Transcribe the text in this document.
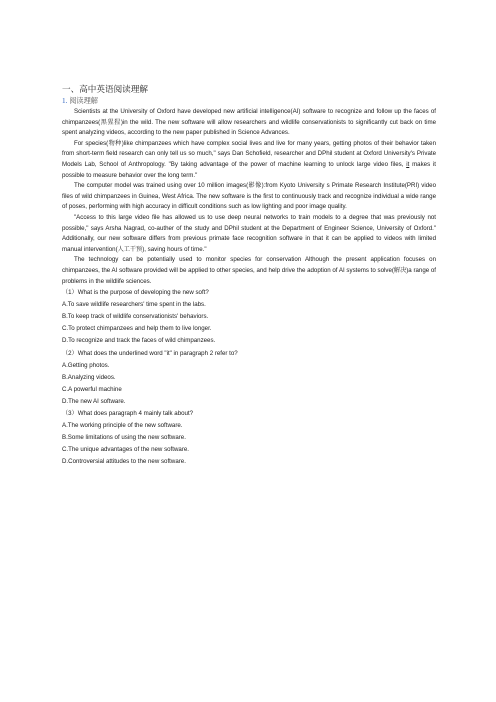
一、高中英语阅读理解
1. 阅读理解

Scientists at the University of Oxford have developed new artificial intelligence(AI) software to recognize and follow up the faces of chimpanzees(黑猩猩)in the wild. The new software will allow researchers and wildlife conservationists to significantly cut back on time spent analyzing videos, according to the new paper published in Science Advances.

For species(物种)like chimpanzees which have complex social lives and live for many years, getting photos of their behavior taken from short-term field research can only tell us so much," says Dan Schofield, researcher and DPhil student at Oxford University's Private Models Lab, School of Anthropology. "By taking advantage of the power of machine learning to unlock large video files, it makes it possible to measure behavior over the long term."

The computer model was trained using over 10 million images(影像):from Kyoto University s Primate Research Institute(PRI) video files of wild chimpanzees in Guinea, West Africa. The new software is the first to continuously track and recognize individual a wide range of poses, performing with high accuracy in difficult conditions such as low lighting and poor image quality.

"Access to this large video file has allowed us to use deep neural networks to train models to a degree that was previously not possible," says Arsha Nagrad, co-auther of the study and DPhil student at the Department of Engineer Science, University of Oxford." Additionally, our new software differs from previous primate face recognition software in that it can be applied to videos with limited manual intervention(人工干预), saving hours of time."

The technology can be potentially used to monitor species for conservation Although the present application focuses on chimpanzees, the AI software provided will be applied to other species, and help drive the adoption of AI systems to solve(解决)a range of problems in the wildlife sciences.

（1）What is the purpose of developing the new soft?

A.To save wildlife researchers' time spent in the labs.

B.To keep track of wildlife conservationists' behaviors.

C.To protect chimpanzees and help them to live longer.

D.To recognize and track the faces of wild chimpanzees.

（2）What does the underlined word "it" in paragraph 2 refer to?

A.Getting photos.

B.Analyzing videos.

C.A powerful machine

D.The new AI software.

（3）What does paragraph 4 mainly talk about?

A.The working principle of the new software.

B.Some limitations of using the new software.

C.The unique advantages of the new software.

D.Controversial attitudes to the new software.
